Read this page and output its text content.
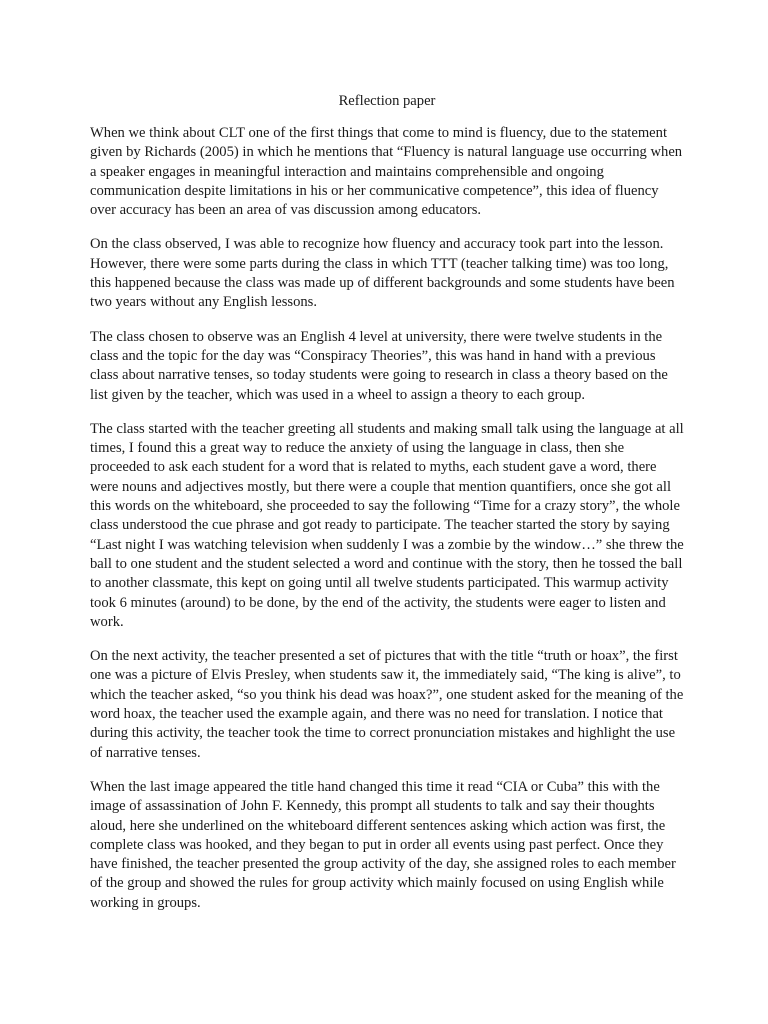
Reflection paper

When we think about CLT one of the first things that come to mind is fluency, due to the statement given by Richards (2005) in which he mentions that “Fluency is natural language use occurring when a speaker engages in meaningful interaction and maintains comprehensible and ongoing communication despite limitations in his or her communicative competence”, this idea of fluency over accuracy has been an area of vas discussion among educators.

On the class observed, I was able to recognize how fluency and accuracy took part into the lesson. However, there were some parts during the class in which TTT (teacher talking time) was too long, this happened because the class was made up of different backgrounds and some students have been two years without any English lessons.

The class chosen to observe was an English 4 level at university, there were twelve students in the class and the topic for the day was “Conspiracy Theories”, this was hand in hand with a previous class about narrative tenses, so today students were going to research in class a theory based on the list given by the teacher, which was used in a wheel to assign a theory to each group.

The class started with the teacher greeting all students and making small talk using the language at all times, I found this a great way to reduce the anxiety of using the language in class, then she proceeded to ask each student for a word that is related to myths, each student gave a word, there were nouns and adjectives mostly, but there were a couple that mention quantifiers, once she got all this words on the whiteboard, she proceeded to say the following “Time for a crazy story”, the whole class understood the cue phrase and got ready to participate. The teacher started the story by saying “Last night I was watching television when suddenly I was a zombie by the window…” she threw the ball to one student and the student selected a word and continue with the story, then he tossed the ball to another classmate, this kept on going until all twelve students participated. This warmup activity took 6 minutes (around) to be done, by the end of the activity, the students were eager to listen and work.

On the next activity, the teacher presented a set of pictures that with the title “truth or hoax”, the first one was a picture of Elvis Presley, when students saw it, the immediately said, “The king is alive”, to which the teacher asked, “so you think his dead was hoax?”, one student asked for the meaning of the word hoax, the teacher used the example again, and there was no need for translation. I notice that during this activity, the teacher took the time to correct pronunciation mistakes and highlight the use of narrative tenses.

When the last image appeared the title hand changed this time it read “CIA or Cuba” this with the image of assassination of John F. Kennedy, this prompt all students to talk and say their thoughts aloud, here she underlined on the whiteboard different sentences asking which action was first, the complete class was hooked, and they began to put in order all events using past perfect. Once they have finished, the teacher presented the group activity of the day, she assigned roles to each member of the group and showed the rules for group activity which mainly focused on using English while working in groups.
